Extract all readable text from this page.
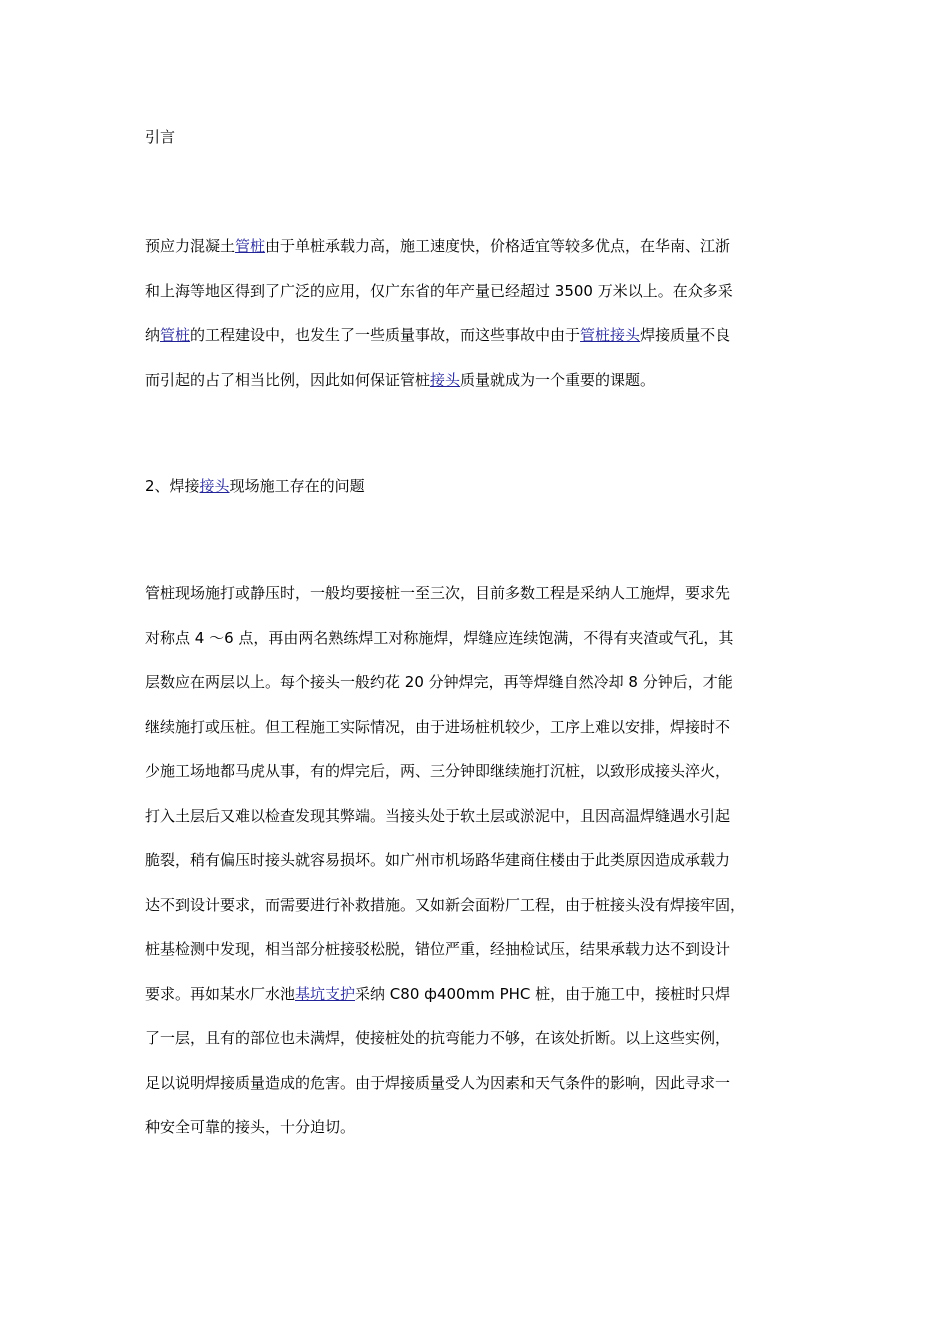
引言
预应力混凝土管桩由于单桩承载力高，施工速度快，价格适宜等较多优点，在华南、江浙
和上海等地区得到了广泛的应用，仅广东省的年产量已经超过 3500 万米以上。在众多采
纳管桩的工程建设中，也发生了一些质量事故，而这些事故中由于管桩接头焊接质量不良
而引起的占了相当比例，因此如何保证管桩接头质量就成为一个重要的课题。
2、焊接接头现场施工存在的问题
管桩现场施打或静压时，一般均要接桩一至三次，目前多数工程是采纳人工施焊，要求先
对称点 4 ～6 点，再由两名熟练焊工对称施焊，焊缝应连续饱满，不得有夹渣或气孔，其
层数应在两层以上。每个接头一般约花 20 分钟焊完，再等焊缝自然冷却 8 分钟后，才能
继续施打或压桩。但工程施工实际情况，由于进场桩机较少，工序上难以安排，焊接时不
少施工场地都马虎从事，有的焊完后，两、三分钟即继续施打沉桩，以致形成接头淬火，
打入土层后又难以检查发现其弊端。当接头处于软土层或淤泥中，且因高温焊缝遇水引起
脆裂，稍有偏压时接头就容易损坏。如广州市机场路华建商住楼由于此类原因造成承载力
达不到设计要求，而需要进行补救措施。又如新会面粉厂工程，由于桩接头没有焊接牢固，
桩基检测中发现，相当部分桩接驳松脱，错位严重，经抽检试压，结果承载力达不到设计
要求。再如某水厂水池基坑支护采纳 C80 ф400mm PHC 桩，由于施工中，接桩时只焊
了一层，且有的部位也未满焊，使接桩处的抗弯能力不够，在该处折断。以上这些实例，
足以说明焊接质量造成的危害。由于焊接质量受人为因素和天气条件的影响，因此寻求一
种安全可靠的接头，十分迫切。
